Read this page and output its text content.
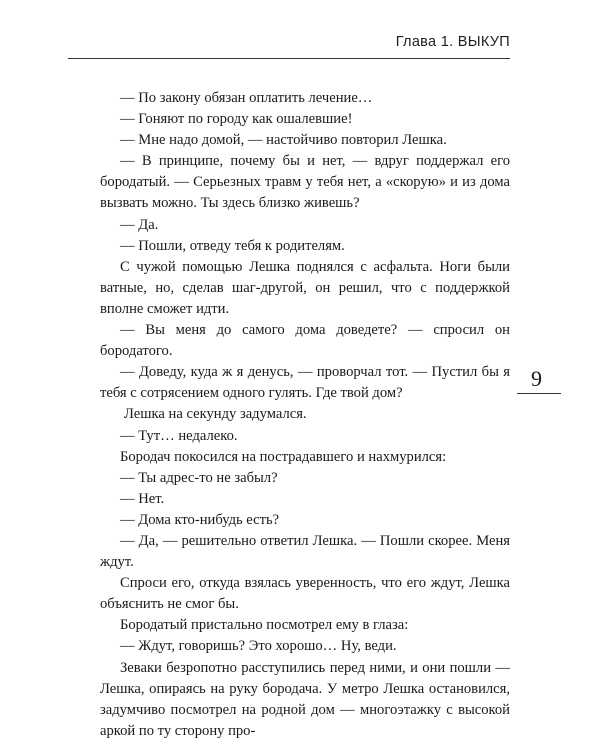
Глава 1. ВЫКУП

— По закону обязан оплатить лечение…

— Гоняют по городу как ошалевшие!

— Мне надо домой, — настойчиво повторил Лешка.

— В принципе, почему бы и нет, — вдруг поддержал его бородатый. — Серьезных травм у тебя нет, а «скорую» и из дома вызвать можно. Ты здесь близко живешь?

— Да.

— Пошли, отведу тебя к родителям.

С чужой помощью Лешка поднялся с асфальта. Ноги были ватные, но, сделав шаг-другой, он решил, что с поддержкой вполне сможет идти.

— Вы меня до самого дома доведете? — спросил он бородатого.

— Доведу, куда ж я денусь, — проворчал тот. — Пустил бы я тебя с сотрясением одного гулять. Где твой дом?

Лешка на секунду задумался.

— Тут… недалеко.

Бородач покосился на пострадавшего и нахмурился:

— Ты адрес-то не забыл?

— Нет.

— Дома кто-нибудь есть?

— Да, — решительно ответил Лешка. — Пошли скорее. Меня ждут.

Спроси его, откуда взялась уверенность, что его ждут, Лешка объяснить не смог бы.

Бородатый пристально посмотрел ему в глаза:

— Ждут, говоришь? Это хорошо… Ну, веди.

Зеваки безропотно расступились перед ними, и они пошли — Лешка, опираясь на руку бородача. У метро Лешка остановился, задумчиво посмотрел на родной дом — многоэтажку с высокой аркой по ту сторону про-

9
